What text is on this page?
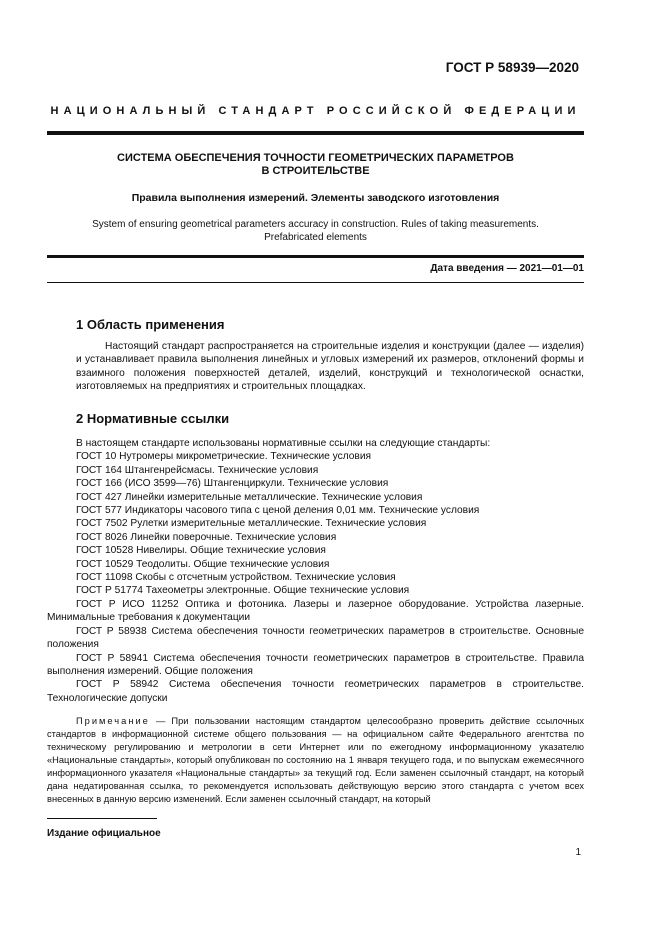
ГОСТ Р 58939—2020
НАЦИОНАЛЬНЫЙ СТАНДАРТ РОССИЙСКОЙ ФЕДЕРАЦИИ
СИСТЕМА ОБЕСПЕЧЕНИЯ ТОЧНОСТИ ГЕОМЕТРИЧЕСКИХ ПАРАМЕТРОВ
В СТРОИТЕЛЬСТВЕ
Правила выполнения измерений. Элементы заводского изготовления
System of ensuring geometrical parameters accuracy in construction. Rules of taking measurements.
Prefabricated elements
Дата введения — 2021—01—01
1 Область применения
Настоящий стандарт распространяется на строительные изделия и конструкции (далее — изделия) и устанавливает правила выполнения линейных и угловых измерений их размеров, отклонений формы и взаимного положения поверхностей деталей, изделий, конструкций и технологической оснастки, изготовляемых на предприятиях и строительных площадках.
2 Нормативные ссылки
В настоящем стандарте использованы нормативные ссылки на следующие стандарты:
ГОСТ 10 Нутромеры микрометрические. Технические условия
ГОСТ 164 Штангенрейсмасы. Технические условия
ГОСТ 166 (ИСО 3599—76) Штангенциркули. Технические условия
ГОСТ 427 Линейки измерительные металлические. Технические условия
ГОСТ 577 Индикаторы часового типа с ценой деления 0,01 мм. Технические условия
ГОСТ 7502 Рулетки измерительные металлические. Технические условия
ГОСТ 8026 Линейки поверочные. Технические условия
ГОСТ 10528 Нивелиры. Общие технические условия
ГОСТ 10529 Теодолиты. Общие технические условия
ГОСТ 11098 Скобы с отсчетным устройством. Технические условия
ГОСТ Р 51774 Тахеометры электронные. Общие технические условия
ГОСТ Р ИСО 11252 Оптика и фотоника. Лазеры и лазерное оборудование. Устройства лазерные. Минимальные требования к документации
ГОСТ Р 58938 Система обеспечения точности геометрических параметров в строительстве. Основные положения
ГОСТ Р 58941 Система обеспечения точности геометрических параметров в строительстве. Правила выполнения измерений. Общие положения
ГОСТ Р 58942 Система обеспечения точности геометрических параметров в строительстве. Технологические допуски
Примечание — При пользовании настоящим стандартом целесообразно проверить действие ссылочных стандартов в информационной системе общего пользования — на официальном сайте Федерального агентства по техническому регулированию и метрологии в сети Интернет или по ежегодному информационному указателю «Национальные стандарты», который опубликован по состоянию на 1 января текущего года, и по выпускам ежемесячного информационного указателя «Национальные стандарты» за текущий год. Если заменен ссылочный стандарт, на который дана недатированная ссылка, то рекомендуется использовать действующую версию этого стандарта с учетом всех внесенных в данную версию изменений. Если заменен ссылочный стандарт, на который
Издание официальное
1
